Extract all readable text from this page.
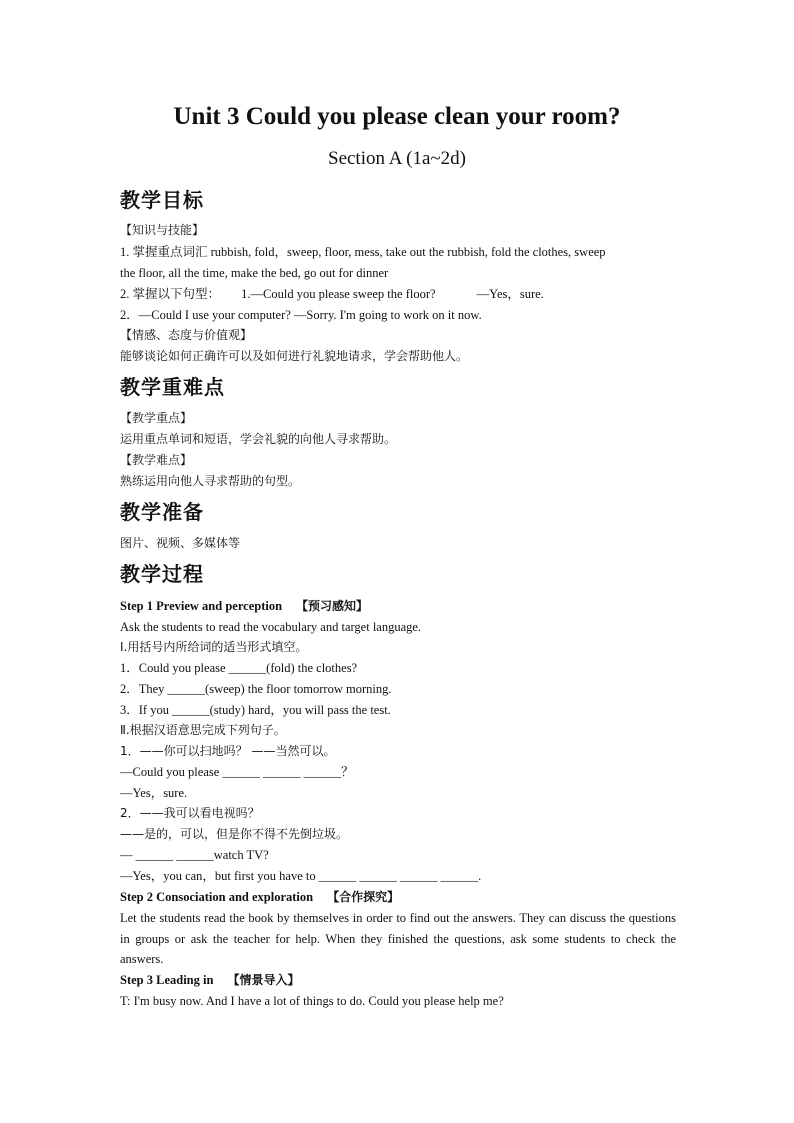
Unit 3 Could you please clean your room?
Section A (1a~2d)
教学目标
【知识与技能】
1. 掌握重点词汇 rubbish, fold，sweep, floor, mess, take out the rubbish, fold the clothes, sweep
the floor, all the time, make the bed, go out for dinner
2. 掌握以下句型： 1.—Could you please sweep the floor?	—Yes，sure.
2．—Could I use your computer? —Sorry. I'm going to work on it now.
【情感、态度与价值观】
能够谈论如何正确许可以及如何进行礼貌地请求，学会帮助他人。
教学重难点
【教学重点】
运用重点单词和短语，学会礼貌的向他人寻求帮助。
【教学难点】
熟练运用向他人寻求帮助的句型。
教学准备
图片、视频、多媒体等
教学过程
Step 1 Preview and perception 【预习感知】
Ask the students to read the vocabulary and target language.
Ⅰ.用括号内所给词的适当形式填空。
1．Could you please ______(fold) the clothes?
2．They ______(sweep) the floor tomorrow morning.
3．If you ______(study) hard，you will pass the test.
Ⅱ.根据汉语意思完成下列句子。
1．——你可以扫地吗？ ——当然可以。
—Could you please ______ ______ ______？
—Yes，sure.
2．——我可以看电视吗？
——是的，可以，但是你不得不先倒垃圾。
— ______ ______watch TV?
—Yes，you can，but first you have to ______ ______ ______ ______.
Step 2 Consociation and exploration 【合作探究】
Let the students read the book by themselves in order to find out the answers. They can discuss the questions in groups or ask the teacher for help. When they finished the questions, ask some students to check the answers.
Step 3 Leading in 【情景导入】
T: I'm busy now. And I have a lot of things to do. Could you please help me?
